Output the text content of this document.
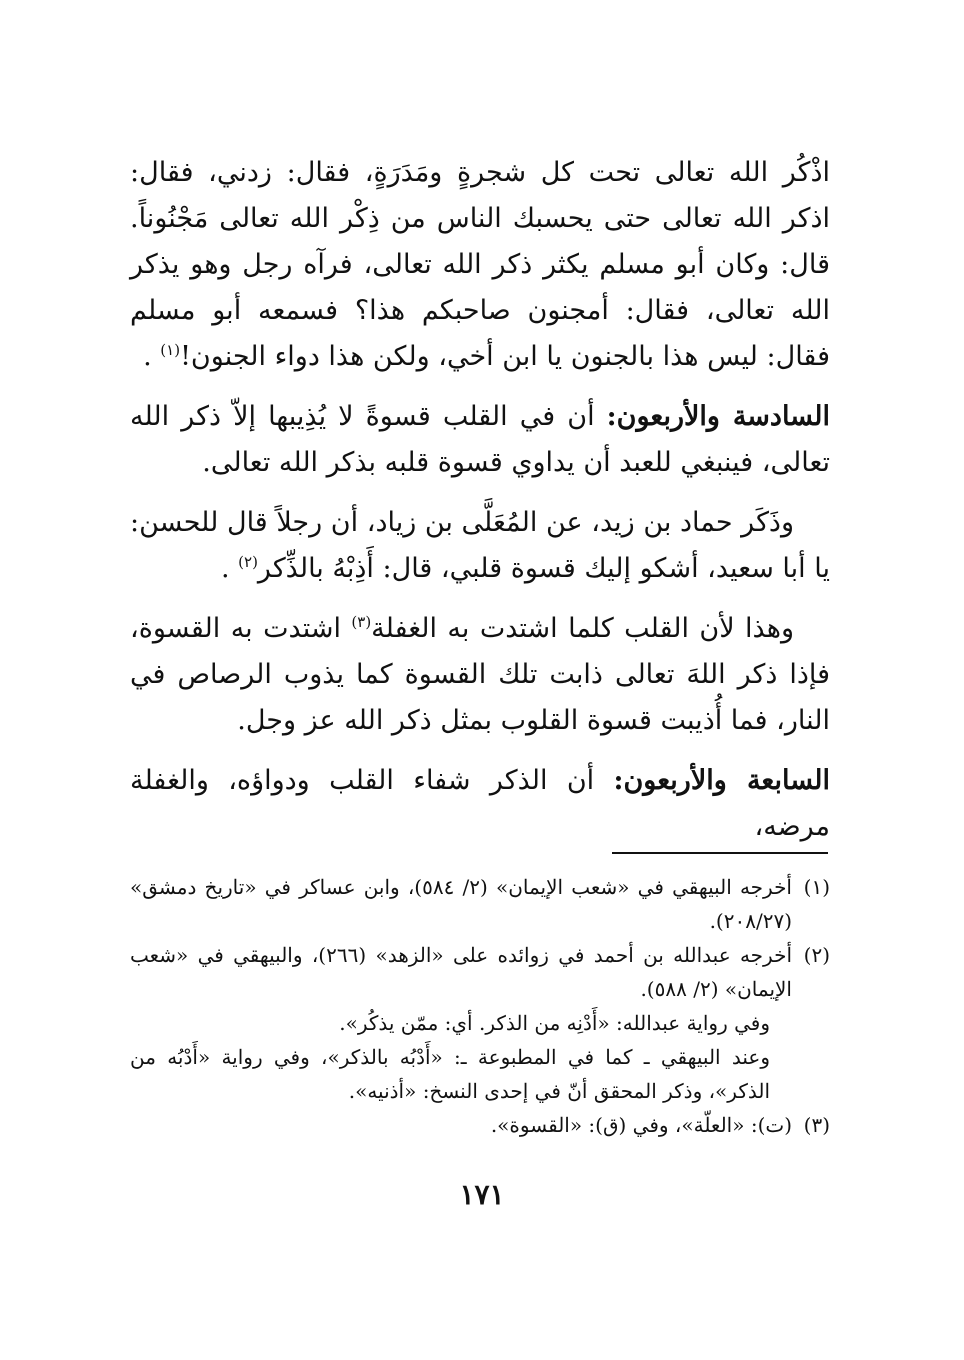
اذْكُر الله تعالى تحت كل شجرةٍ ومَدَرَةٍ، فقال: زدني، فقال: اذكر الله تعالى حتى يحسبك الناس من ذِكْر الله تعالى مَجْنُوناً. قال: وكان أبو مسلم يكثر ذكر الله تعالى، فرآه رجل وهو يذكر الله تعالى، فقال: أمجنون صاحبكم هذا؟ فسمعه أبو مسلم فقال: ليس هذا بالجنون يا ابن أخي، ولكن هذا دواء الجنون!$^{(١)}$ .

السادسة والأربعون: أن في القلب قسوةً لا يُذِيبها إلاّ ذكر الله تعالى، فينبغي للعبد أن يداوي قسوة قلبه بذكر الله تعالى.

وذَكَر حماد بن زيد، عن المُعَلَّى بن زياد، أن رجلاً قال للحسن: يا أبا سعيد، أشكو إليك قسوة قلبي، قال: أَذِبْهُ بالذِّكر$^{(٢)}$ .

وهذا لأن القلب كلما اشتدت به الغفلة$^{(٣)}$ اشتدت به القسوة، فإذا ذكر اللهَ تعالى ذابت تلك القسوة كما يذوب الرصاص في النار، فما أُذيبت قسوة القلوب بمثل ذكر الله عز وجل.

السابعة والأربعون: أن الذكر شفاء القلب ودواؤه، والغفلة مرضه،

(١)
أخرجه البيهقي في «شعب الإيمان» (٢/ ٥٨٤)، وابن عساكر في «تاريخ دمشق» (٢٠٨/٢٧).
(٢)
أخرجه عبدالله بن أحمد في زوائده على «الزهد» (٢٦٦)، والبيهقي في «شعب الإيمان» (٢/ ٥٨٨).

وفي رواية عبدالله: «أَدْنِه من الذكر. أي: ممّن يذكُر».

وعند البيهقي ـ كما في المطبوعة ـ: «أَدْبُه بالذكر»، وفي رواية «أَدْبُه من الذكر»، وذكر المحقق أنّ في إحدى النسخ: «أذنيه».

(٣)
(ت): «العلّة»، وفي (ق): «القسوة».
١٧١
